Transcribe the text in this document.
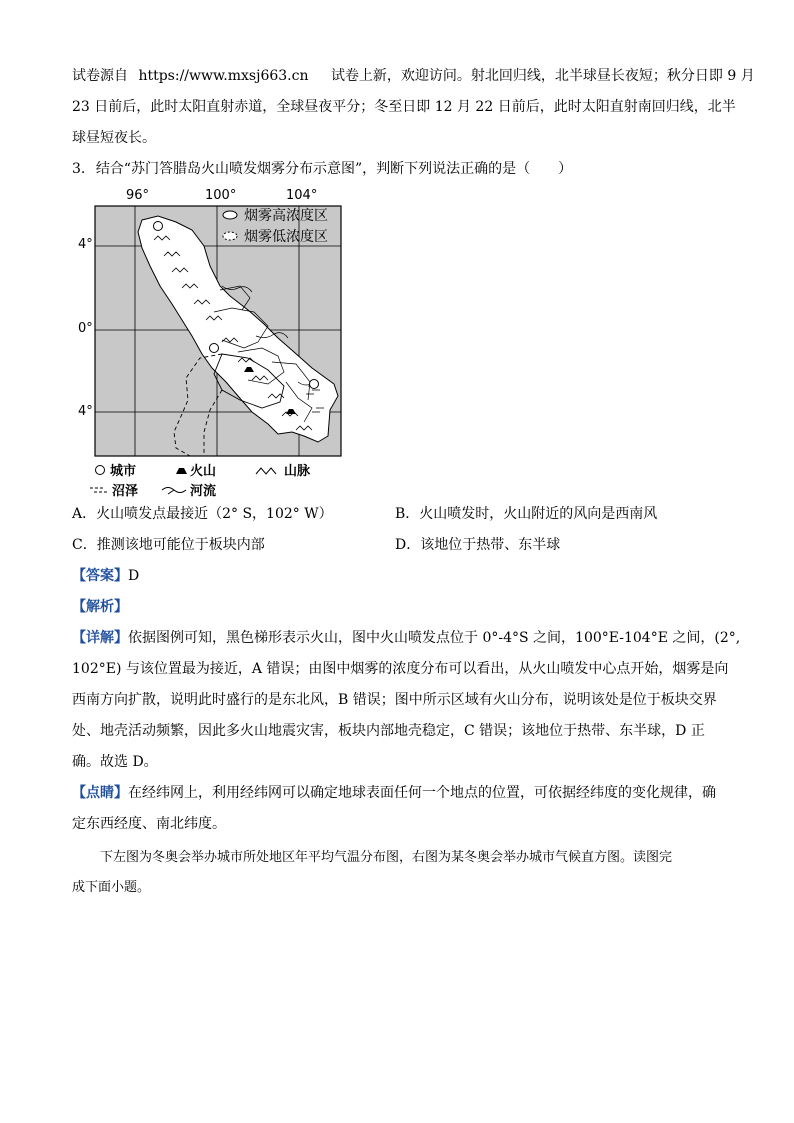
试卷源自 https://www.mxsj663.cn 试卷上新，欢迎访问。射北回归线，北半球昼长夜短；秋分日即 9 月
23 日前后，此时太阳直射赤道，全球昼夜平分；冬至日即 12 月 22 日前后，此时太阳直射南回归线，北半
球昼短夜长。
3. 结合“苏门答腊岛火山喷发烟雾分布示意图”，判断下列说法正确的是（　　）
96°	100°	104°
4°
0°
4°
烟雾高浓度区
烟雾低浓度区
城市	火山	山脉
沼泽	河流
A．火山喷发点最接近（2° S，102° W）	B．火山喷发时，火山附近的风向是西南风
C．推测该地可能位于板块内部	D．该地位于热带、东半球
【答案】D
【解析】
【详解】依据图例可知，黑色梯形表示火山，图中火山喷发点位于 0°-4°S 之间，100°E-104°E 之间，(2°,
102°E) 与该位置最为接近，A 错误；由图中烟雾的浓度分布可以看出，从火山喷发中心点开始，烟雾是向
西南方向扩散，说明此时盛行的是东北风，B 错误；图中所示区域有火山分布，说明该处是位于板块交界
处、地壳活动频繁，因此多火山地震灾害，板块内部地壳稳定，C 错误；该地位于热带、东半球，D 正
确。故选 D。
【点睛】在经纬网上，利用经纬网可以确定地球表面任何一个地点的位置，可依据经纬度的变化规律，确
定东西经度、南北纬度。
下左图为冬奥会举办城市所处地区年平均气温分布图，右图为某冬奥会举办城市气候直方图。读图完
成下面小题。
